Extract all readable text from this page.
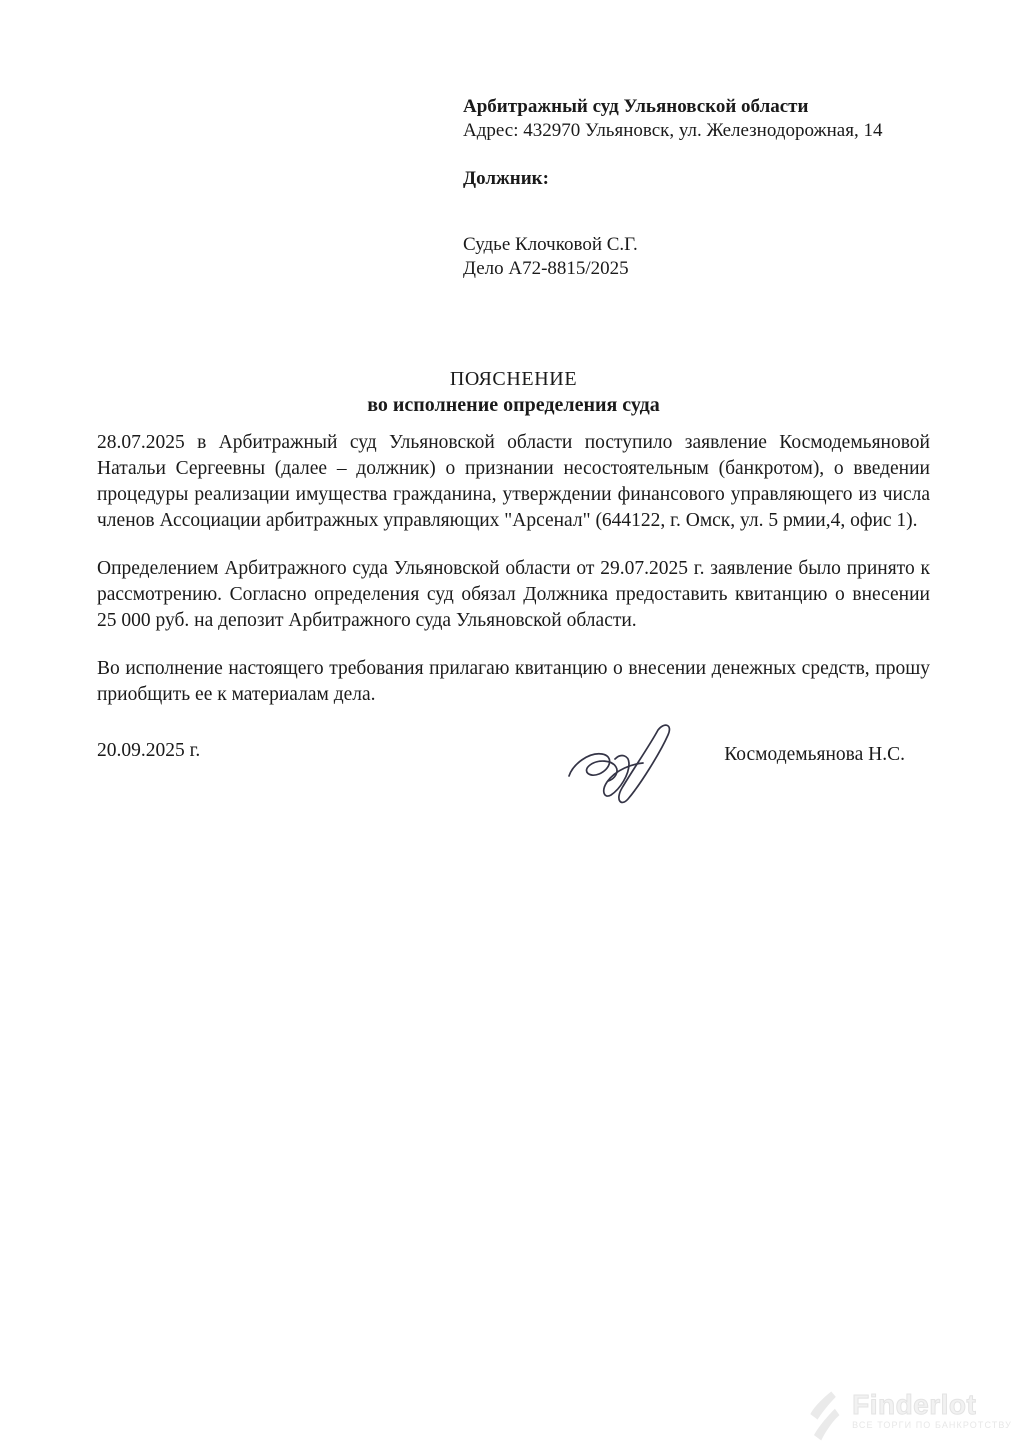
Арбитражный суд Ульяновской области
Адрес: 432970 Ульяновск, ул. Железнодорожная, 14
Должник:
Судье Клочковой С.Г.
Дело А72-8815/2025
ПОЯСНЕНИЕ
во исполнение определения суда

28.07.2025 в Арбитражный суд Ульяновской области поступило заявление Космодемьяновой Натальи Сергеевны (далее – должник) о признании несостоятельным (банкротом), о введении процедуры реализации имущества гражданина, утверждении финансового управляющего из числа членов Ассоциации арбитражных управляющих "Арсенал" (644122, г. Омск, ул. 5 рмии,4, офис 1).

Определением Арбитражного суда Ульяновской области от 29.07.2025 г. заявление было принято к рассмотрению. Согласно определения суд обязал Должника предоставить квитанцию о внесении 25 000 руб. на депозит Арбитражного суда Ульяновской области.

Во исполнение настоящего требования прилагаю квитанцию о внесении денежных средств, прошу приобщить ее к материалам дела.

20.09.2025 г.	Космодемьянова Н.С.
Finderlot
ВСЕ ТОРГИ ПО БАНКРОТСТВУ
